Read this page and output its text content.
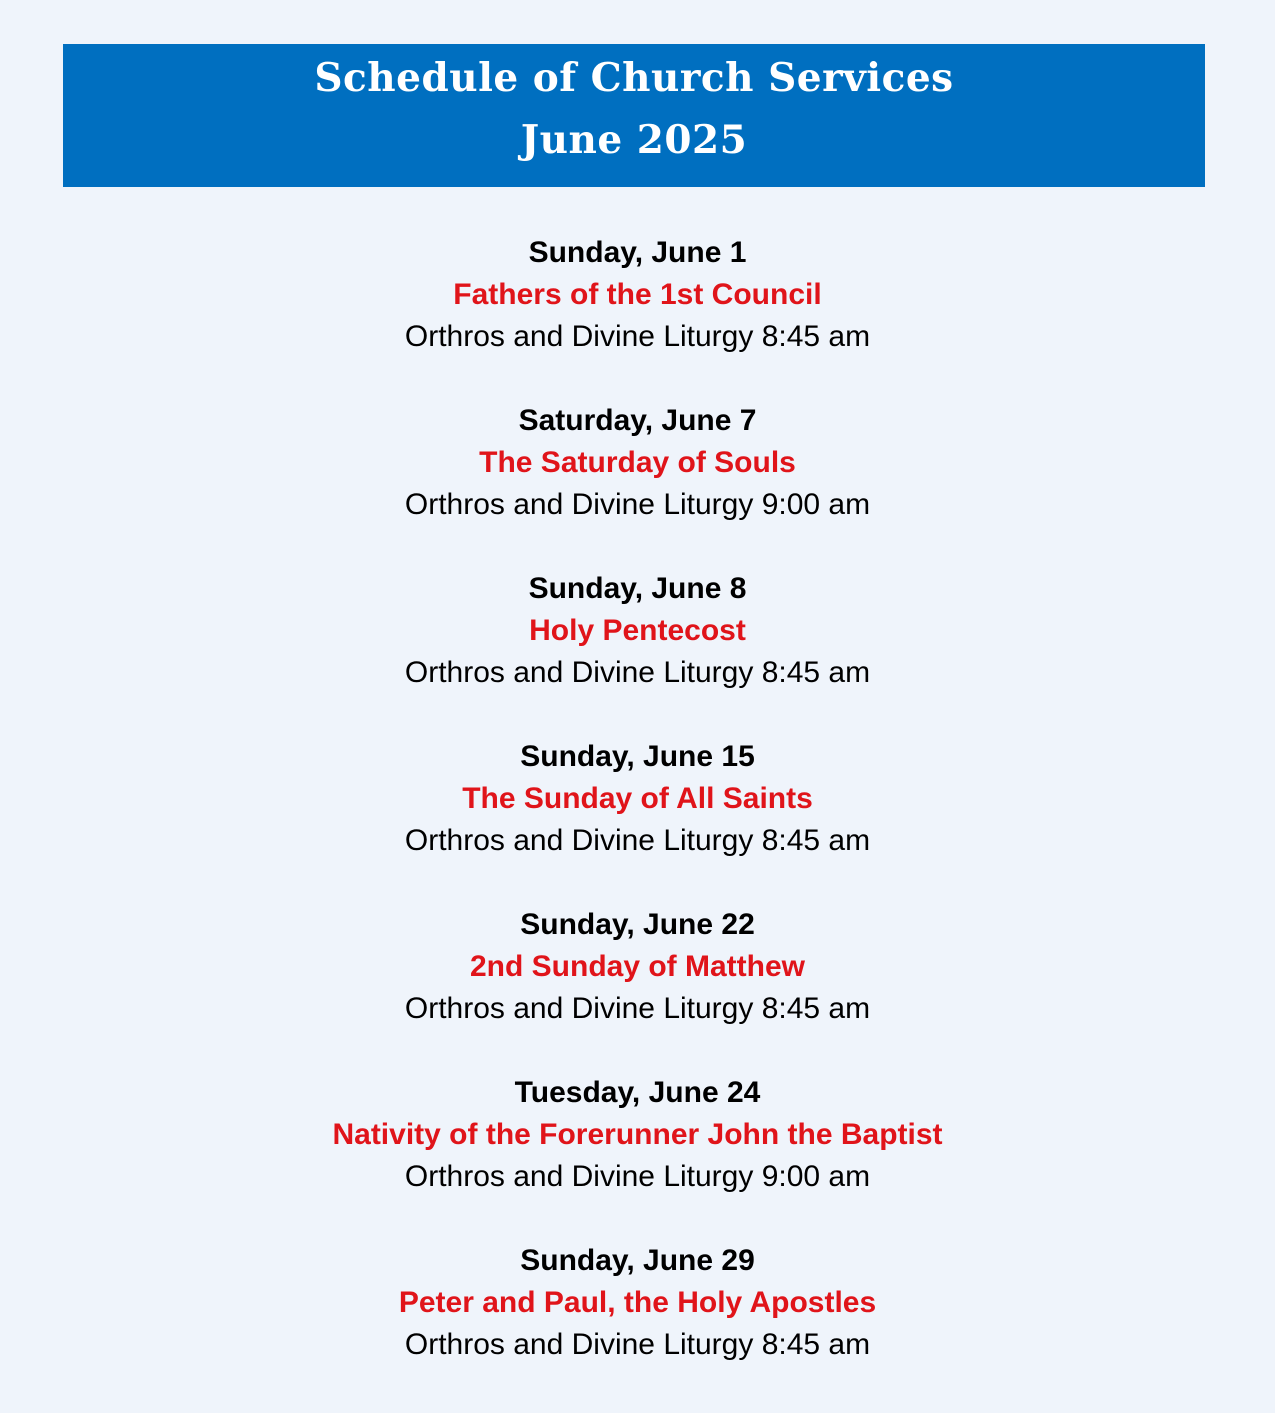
Schedule of Church Services
June 2025
Sunday, June 1
Fathers of the 1st Council
Orthros and Divine Liturgy 8:45 am
Saturday, June 7
The Saturday of Souls
Orthros and Divine Liturgy 9:00 am
Sunday, June 8
Holy Pentecost
Orthros and Divine Liturgy 8:45 am
Sunday, June 15
The Sunday of All Saints
Orthros and Divine Liturgy 8:45 am
Sunday, June 22
2nd Sunday of Matthew
Orthros and Divine Liturgy 8:45 am
Tuesday, June 24
Nativity of the Forerunner John the Baptist
Orthros and Divine Liturgy 9:00 am
Sunday, June 29
Peter and Paul, the Holy Apostles
Orthros and Divine Liturgy 8:45 am
